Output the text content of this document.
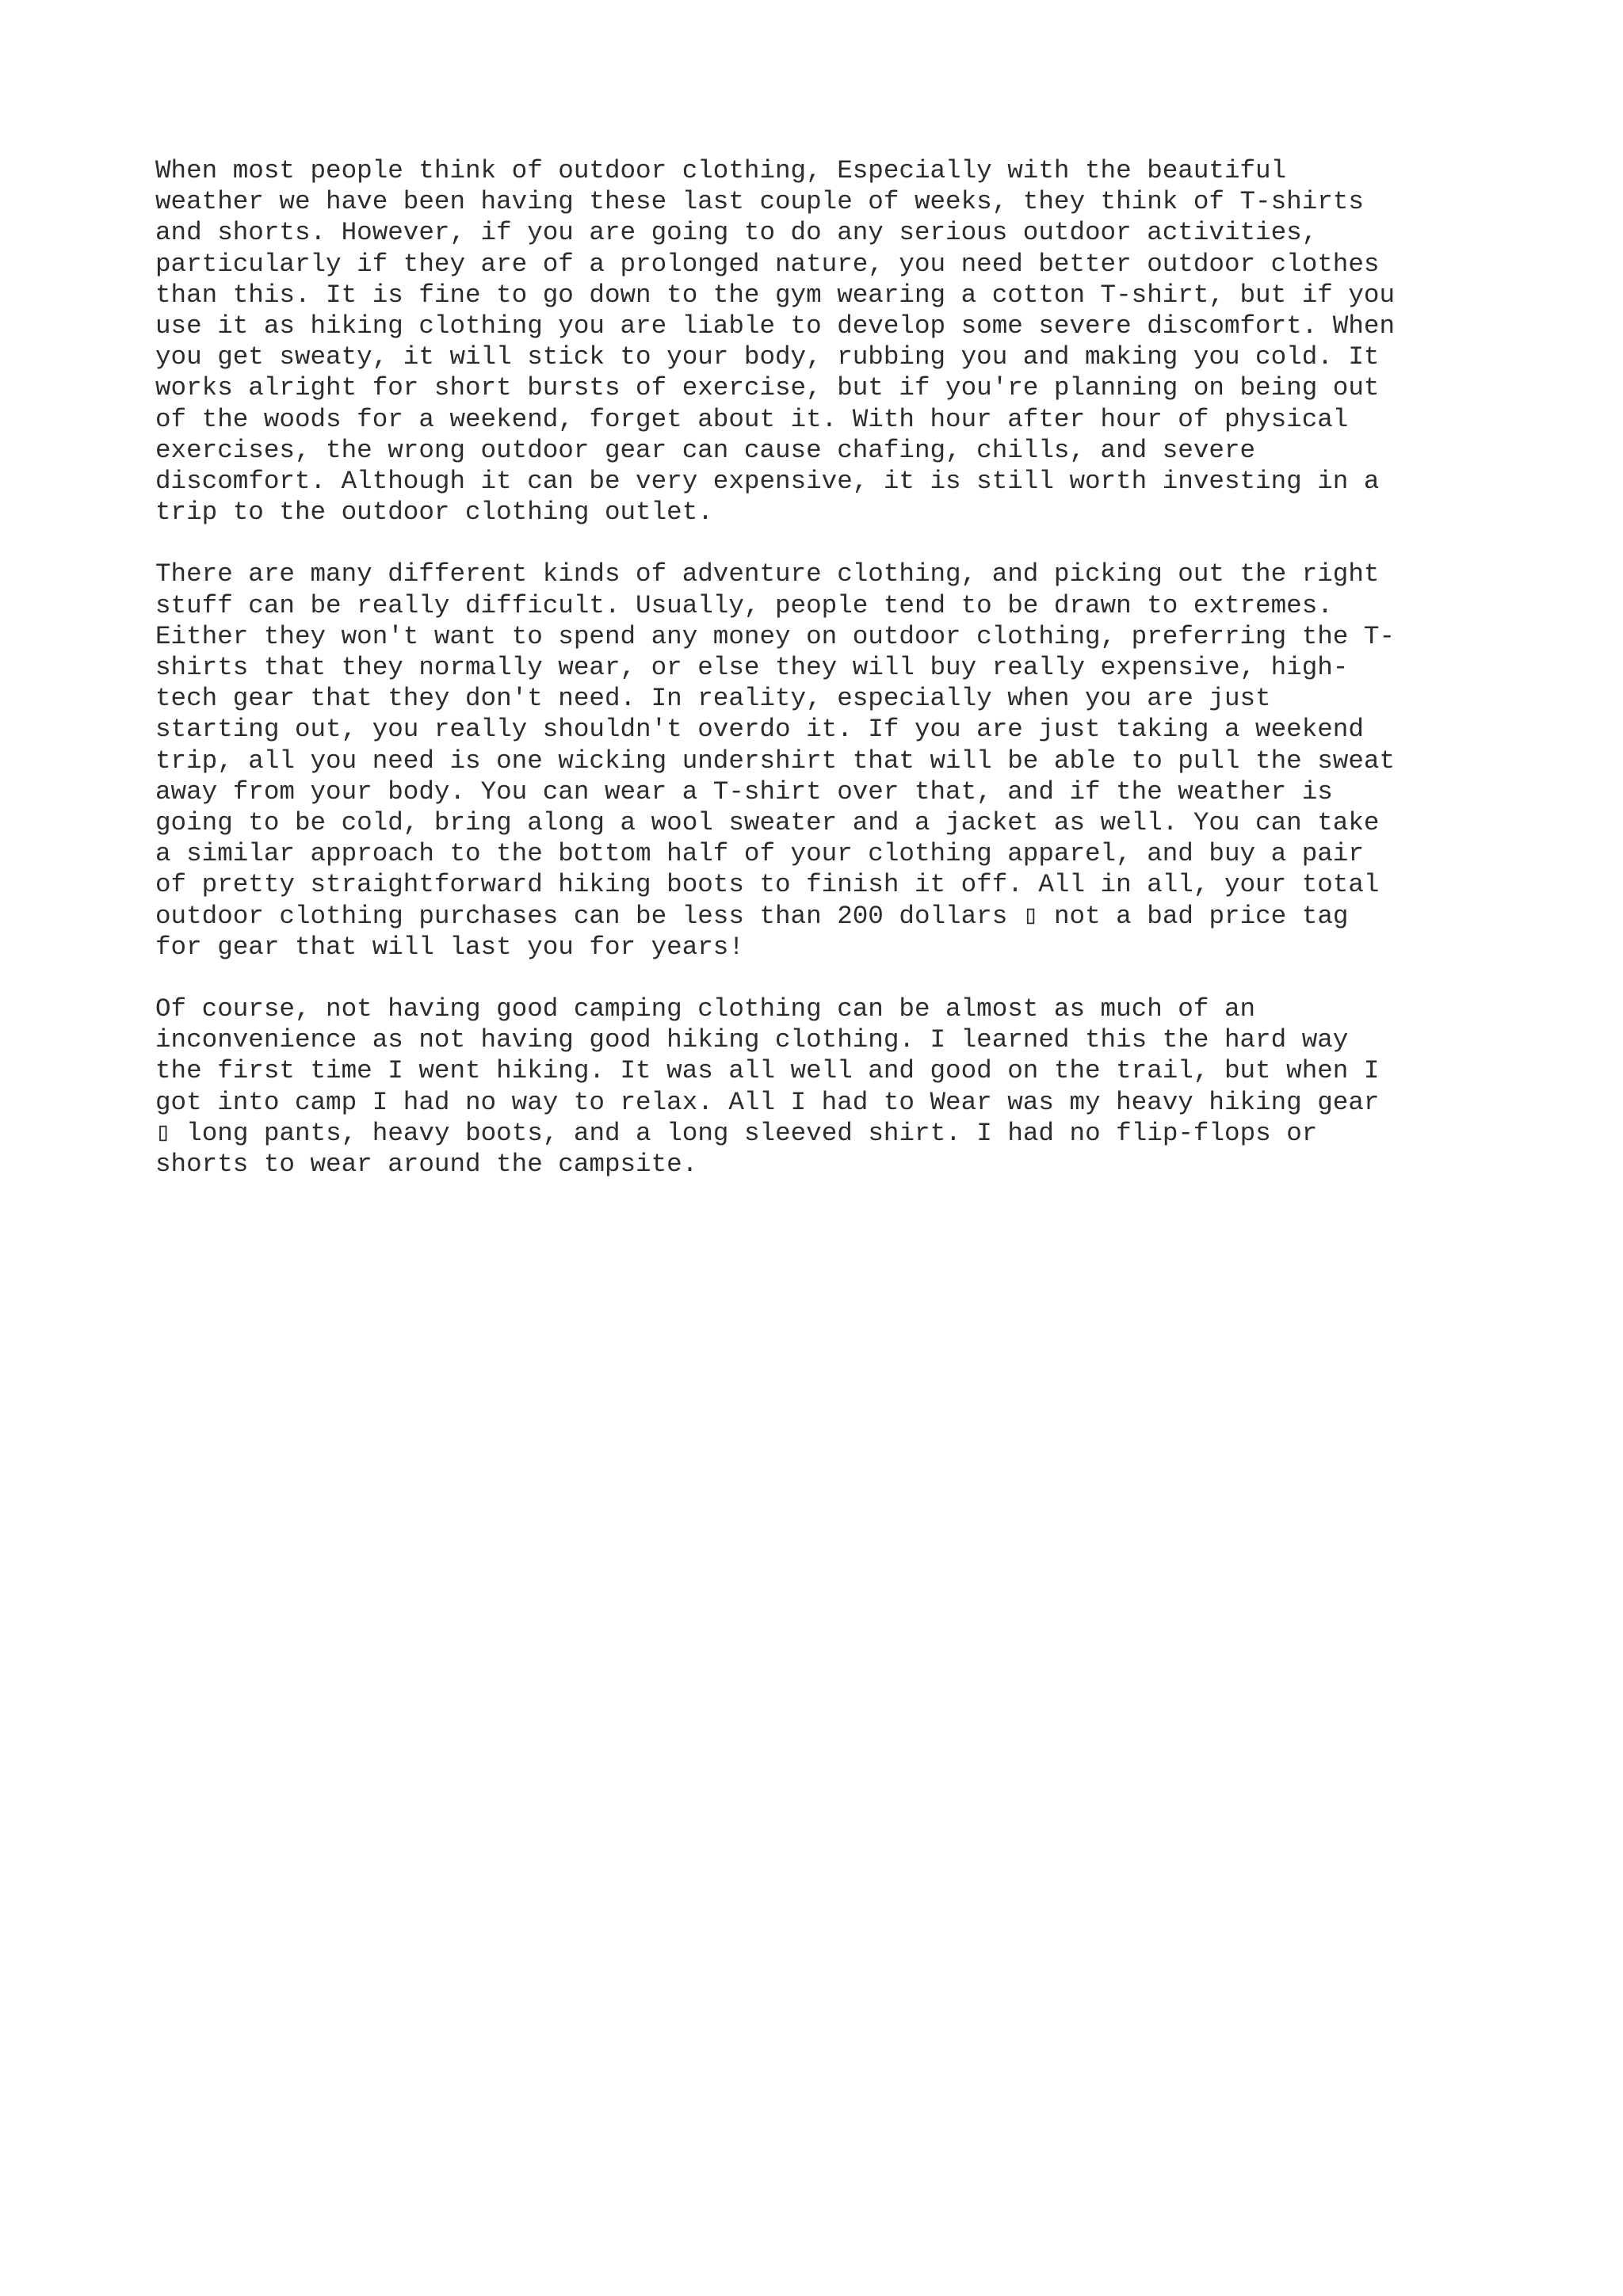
When most people think of outdoor clothing, Especially with the beautiful
weather we have been having these last couple of weeks, they think of T-shirts
and shorts. However, if you are going to do any serious outdoor activities,
particularly if they are of a prolonged nature, you need better outdoor clothes
than this. It is fine to go down to the gym wearing a cotton T-shirt, but if you
use it as hiking clothing you are liable to develop some severe discomfort. When
you get sweaty, it will stick to your body, rubbing you and making you cold. It
works alright for short bursts of exercise, but if you're planning on being out
of the woods for a weekend, forget about it. With hour after hour of physical
exercises, the wrong outdoor gear can cause chafing, chills, and severe
discomfort. Although it can be very expensive, it is still worth investing in a
trip to the outdoor clothing outlet.
There are many different kinds of adventure clothing, and picking out the right
stuff can be really difficult. Usually, people tend to be drawn to extremes.
Either they won't want to spend any money on outdoor clothing, preferring the T-
shirts that they normally wear, or else they will buy really expensive, high-
tech gear that they don't need. In reality, especially when you are just
starting out, you really shouldn't overdo it. If you are just taking a weekend
trip, all you need is one wicking undershirt that will be able to pull the sweat
away from your body. You can wear a T-shirt over that, and if the weather is
going to be cold, bring along a wool sweater and a jacket as well. You can take
a similar approach to the bottom half of your clothing apparel, and buy a pair
of pretty straightforward hiking boots to finish it off. All in all, your total
outdoor clothing purchases can be less than 200 dollars ▯ not a bad price tag
for gear that will last you for years!
Of course, not having good camping clothing can be almost as much of an
inconvenience as not having good hiking clothing. I learned this the hard way
the first time I went hiking. It was all well and good on the trail, but when I
got into camp I had no way to relax. All I had to Wear was my heavy hiking gear
▯ long pants, heavy boots, and a long sleeved shirt. I had no flip-flops or
shorts to wear around the campsite.
